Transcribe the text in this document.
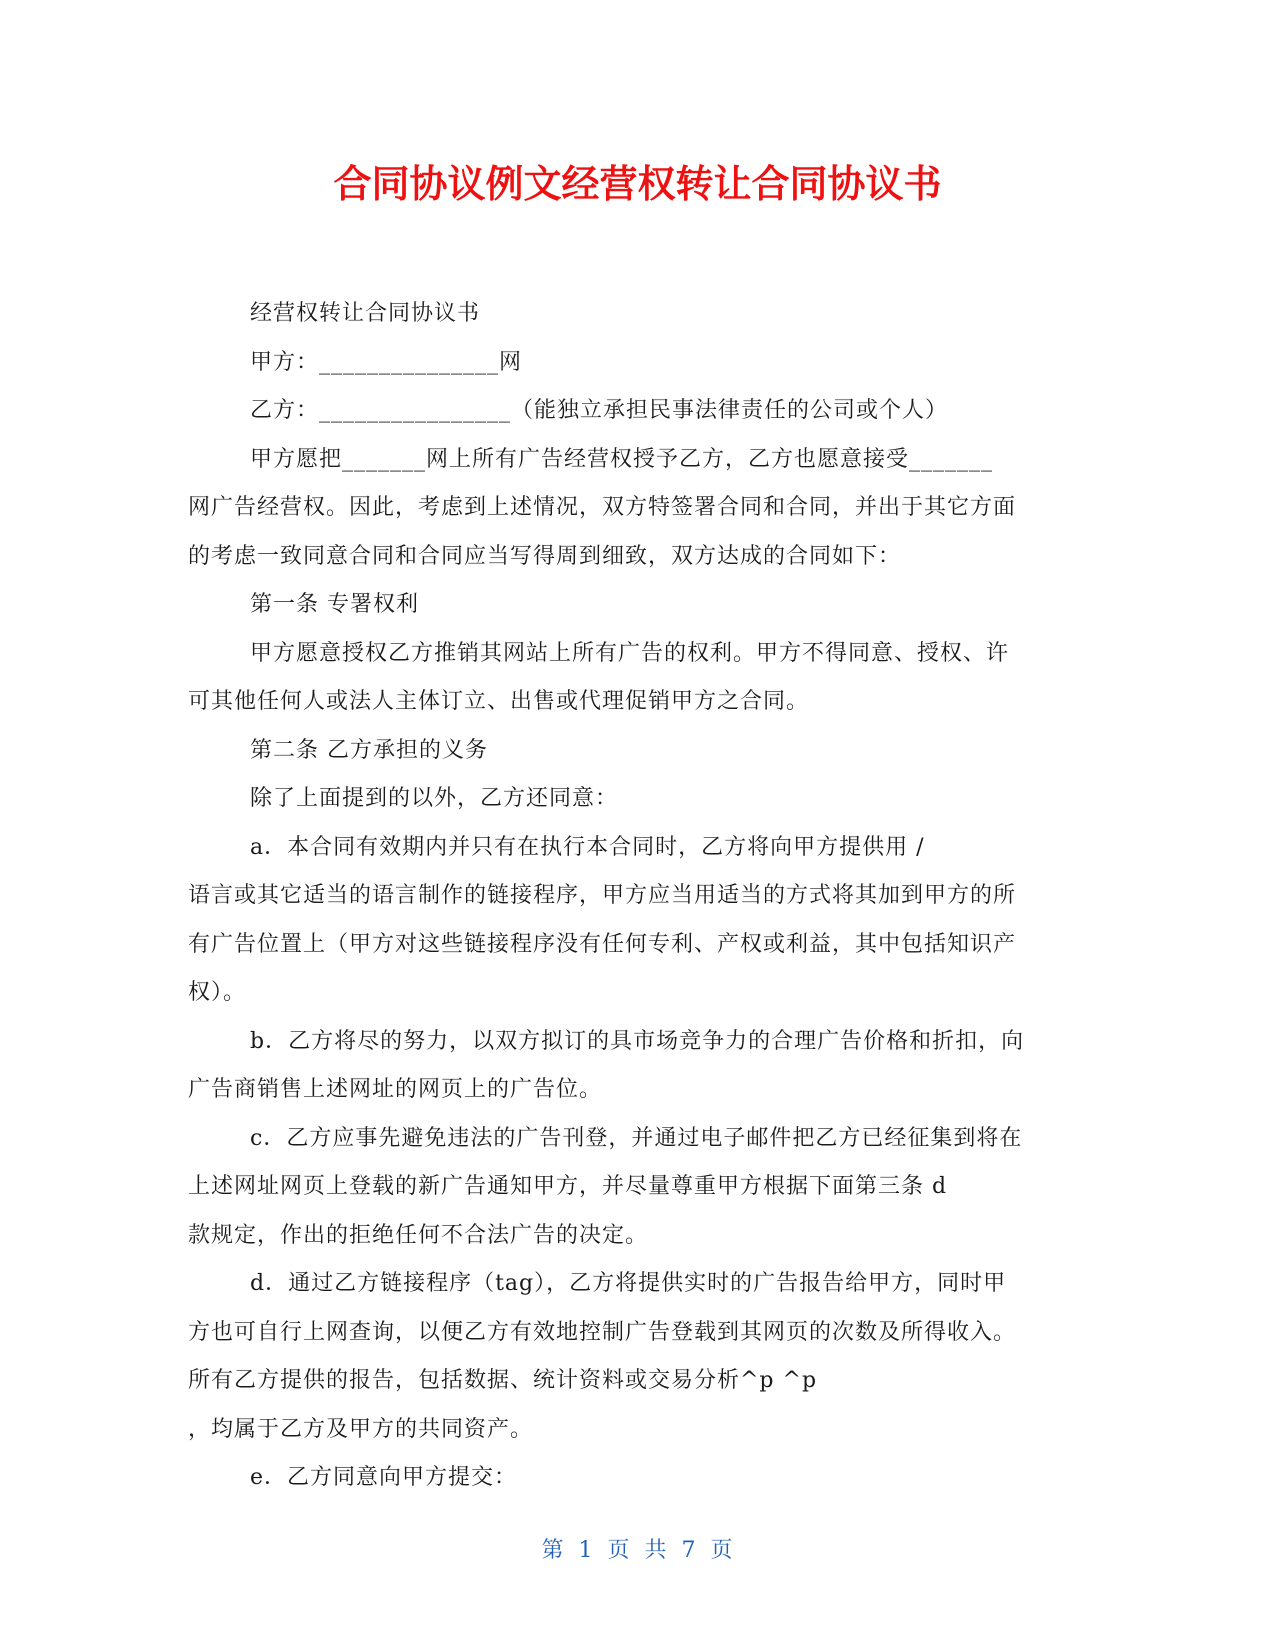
合同协议例文经营权转让合同协议书

经营权转让合同协议书

甲方：_______________网

乙方：________________（能独立承担民事法律责任的公司或个人）

甲方愿把_______网上所有广告经营权授予乙方，乙方也愿意接受_______

网广告经营权。因此，考虑到上述情况，双方特签署合同和合同，并出于其它方面

的考虑一致同意合同和合同应当写得周到细致，双方达成的合同如下：

第一条 专署权利

甲方愿意授权乙方推销其网站上所有广告的权利。甲方不得同意、授权、许

可其他任何人或法人主体订立、出售或代理促销甲方之合同。

第二条 乙方承担的义务

除了上面提到的以外，乙方还同意：

a．本合同有效期内并只有在执行本合同时，乙方将向甲方提供用 /

语言或其它适当的语言制作的链接程序，甲方应当用适当的方式将其加到甲方的所

有广告位置上（甲方对这些链接程序没有任何专利、产权或利益，其中包括知识产

权）。

b．乙方将尽的努力，以双方拟订的具市场竞争力的合理广告价格和折扣，向

广告商销售上述网址的网页上的广告位。

c．乙方应事先避免违法的广告刊登，并通过电子邮件把乙方已经征集到将在

上述网址网页上登载的新广告通知甲方，并尽量尊重甲方根据下面第三条 d

款规定，作出的拒绝任何不合法广告的决定。

d．通过乙方链接程序（tag），乙方将提供实时的广告报告给甲方，同时甲

方也可自行上网查询，以便乙方有效地控制广告登载到其网页的次数及所得收入。

所有乙方提供的报告，包括数据、统计资料或交易分析^p ^p

，均属于乙方及甲方的共同资产。

e．乙方同意向甲方提交：

第 1 页 共 7 页
